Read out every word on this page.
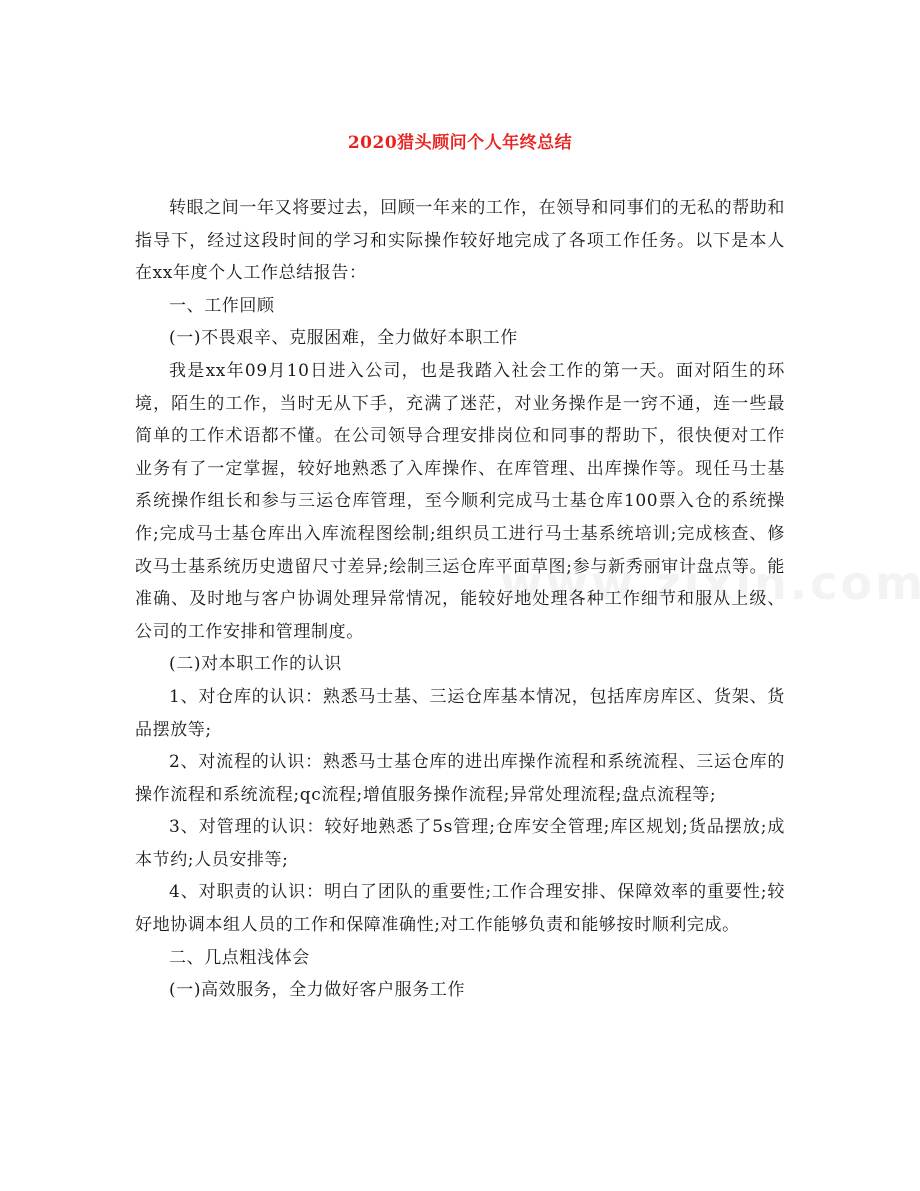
2020猎头顾问个人年终总结

转眼之间一年又将要过去，回顾一年来的工作，在领导和同事们的无私的帮助和指导下，经过这段时间的学习和实际操作较好地完成了各项工作任务。以下是本人在xx年度个人工作总结报告：

一、工作回顾

(一)不畏艰辛、克服困难，全力做好本职工作

我是xx年09月10日进入公司，也是我踏入社会工作的第一天。面对陌生的环境，陌生的工作，当时无从下手，充满了迷茫，对业务操作是一窍不通，连一些最简单的工作术语都不懂。在公司领导合理安排岗位和同事的帮助下，很快便对工作业务有了一定掌握，较好地熟悉了入库操作、在库管理、出库操作等。现任马士基系统操作组长和参与三运仓库管理，至今顺利完成马士基仓库100票入仓的系统操作;完成马士基仓库出入库流程图绘制;组织员工进行马士基系统培训;完成核查、修改马士基系统历史遗留尺寸差异;绘制三运仓库平面草图;参与新秀丽审计盘点等。能准确、及时地与客户协调处理异常情况，能较好地处理各种工作细节和服从上级、公司的工作安排和管理制度。

(二)对本职工作的认识

1、对仓库的认识：熟悉马士基、三运仓库基本情况，包括库房库区、货架、货品摆放等;

2、对流程的认识：熟悉马士基仓库的进出库操作流程和系统流程、三运仓库的操作流程和系统流程;qc流程;增值服务操作流程;异常处理流程;盘点流程等;

3、对管理的认识：较好地熟悉了5s管理;仓库安全管理;库区规划;货品摆放;成本节约;人员安排等;

4、对职责的认识：明白了团队的重要性;工作合理安排、保障效率的重要性;较好地协调本组人员的工作和保障准确性;对工作能够负责和能够按时顺利完成。

二、几点粗浅体会

(一)高效服务，全力做好客户服务工作
